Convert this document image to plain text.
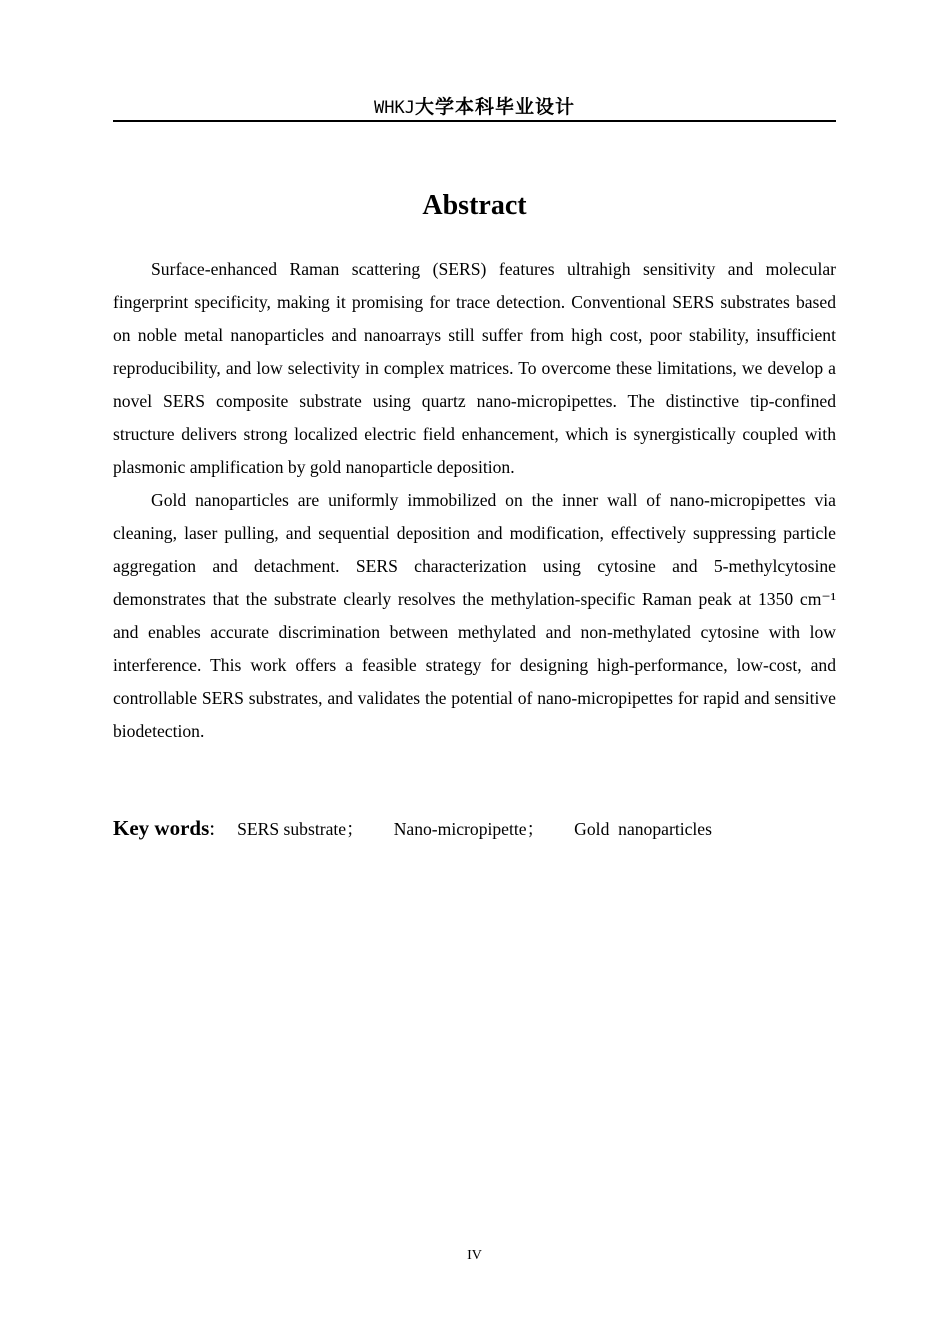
WHKJ大学本科毕业设计
Abstract

Surface-enhanced Raman scattering (SERS) features ultrahigh sensitivity and molecular fingerprint specificity, making it promising for trace detection. Conventional SERS substrates based on noble metal nanoparticles and nanoarrays still suffer from high cost, poor stability, insufficient reproducibility, and low selectivity in complex matrices. To overcome these limitations, we develop a novel SERS composite substrate using quartz nano-micropipettes. The distinctive tip-confined structure delivers strong localized electric field enhancement, which is synergistically coupled with plasmonic amplification by gold nanoparticle deposition.

Gold nanoparticles are uniformly immobilized on the inner wall of nano-micropipettes via cleaning, laser pulling, and sequential deposition and modification, effectively suppressing particle aggregation and detachment. SERS characterization using cytosine and 5-methylcytosine demonstrates that the substrate clearly resolves the methylation-specific Raman peak at 1350 cm⁻¹ and enables accurate discrimination between methylated and non-methylated cytosine with low interference. This work offers a feasible strategy for designing high-performance, low-cost, and controllable SERS substrates, and validates the potential of nano-micropipettes for rapid and sensitive biodetection.

Key words: SERS substrate； Nano-micropipette； Gold  nanoparticles
IV
